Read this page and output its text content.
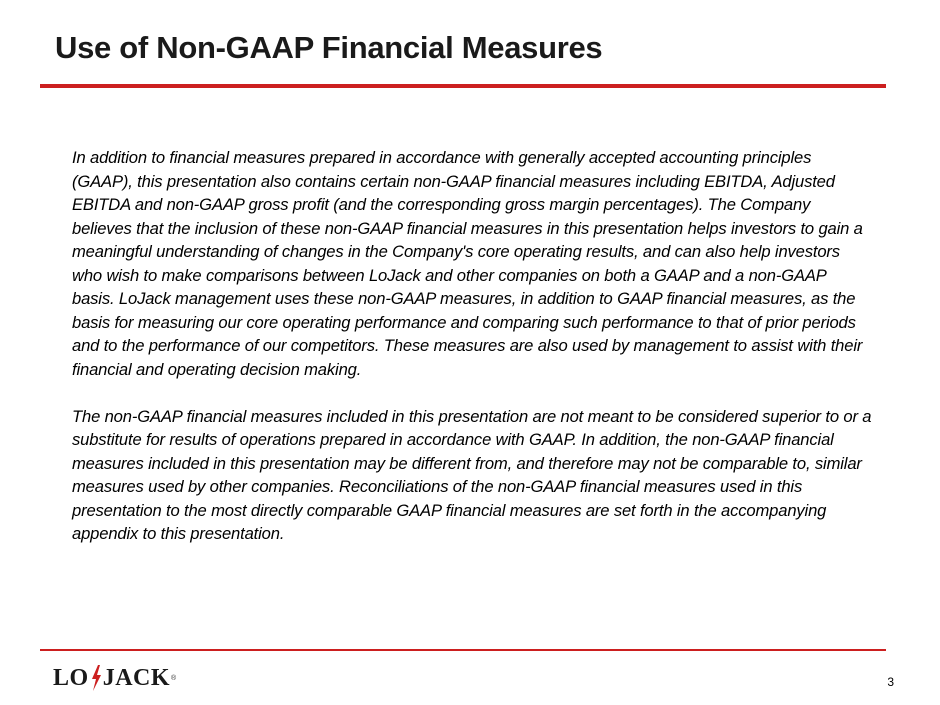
Use of Non-GAAP Financial Measures

In addition to financial measures prepared in accordance with generally accepted accounting principles (GAAP), this presentation also contains certain non-GAAP financial measures including EBITDA, Adjusted EBITDA and non-GAAP gross profit (and the corresponding gross margin percentages). The Company believes that the inclusion of these non-GAAP financial measures in this presentation helps investors to gain a meaningful understanding of changes in the Company's core operating results, and can also help investors who wish to make comparisons between LoJack and other companies on both a GAAP and a non-GAAP basis. LoJack management uses these non-GAAP measures, in addition to GAAP financial measures, as the basis for measuring our core operating performance and comparing such performance to that of prior periods and to the performance of our competitors. These measures are also used by management to assist with their financial and operating decision making.

The non-GAAP financial measures included in this presentation are not meant to be considered superior to or a substitute for results of operations prepared in accordance with GAAP. In addition, the non-GAAP financial measures included in this presentation may be different from, and therefore may not be comparable to, similar measures used by other companies. Reconciliations of the non-GAAP financial measures used in this presentation to the most directly comparable GAAP financial measures are set forth in the accompanying appendix to this presentation.

LO JACK ®	3
